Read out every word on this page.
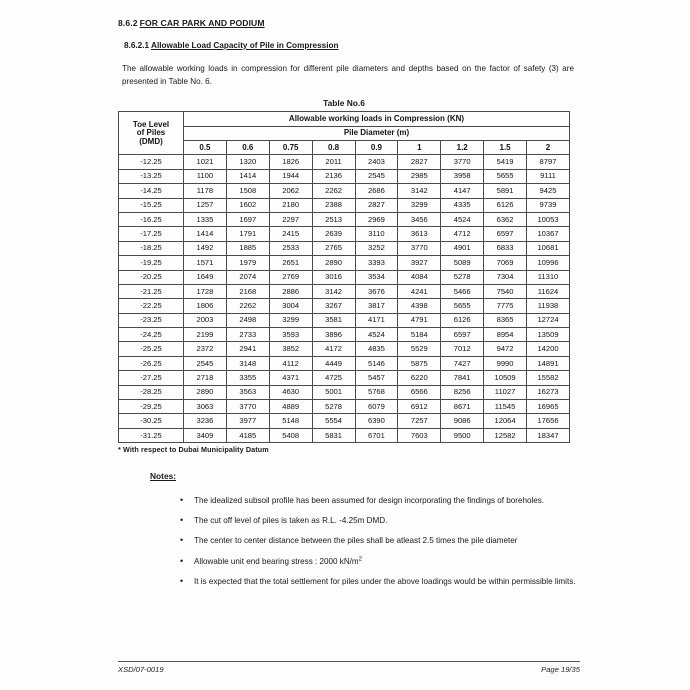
8.6.2 FOR CAR PARK AND PODIUM
8.6.2.1 Allowable Load Capacity of Pile in Compression

The allowable working loads in compression for different pile diameters and depths based on the factor of safety (3) are presented in Table No. 6.

Table No.6
Toe Level
of Piles
(DMD)	Allowable working loads in Compression (KN)								
	Pile Diameter (m)								
	0.5	0.6	0.75	0.8	0.9	1	1.2	1.5	2
-12.25	1021	1320	1826	2011	2403	2827	3770	5419	8797
-13.25	1100	1414	1944	2136	2545	2985	3958	5655	9111
-14.25	1178	1508	2062	2262	2686	3142	4147	5891	9425
-15.25	1257	1602	2180	2388	2827	3299	4335	6126	9739
-16.25	1335	1697	2297	2513	2969	3456	4524	6362	10053
-17.25	1414	1791	2415	2639	3110	3613	4712	6597	10367
-18.25	1492	1885	2533	2765	3252	3770	4901	6833	10681
-19.25	1571	1979	2651	2890	3393	3927	5089	7069	10996
-20.25	1649	2074	2769	3016	3534	4084	5278	7304	11310
-21.25	1728	2168	2886	3142	3676	4241	5466	7540	11624
-22.25	1806	2262	3004	3267	3817	4398	5655	7775	11938
-23.25	2003	2498	3299	3581	4171	4791	6126	8365	12724
-24.25	2199	2733	3593	3896	4524	5184	6597	8954	13509
-25.25	2372	2941	3852	4172	4835	5529	7012	9472	14200
-26.25	2545	3148	4112	4449	5146	5875	7427	9990	14891
-27.25	2718	3355	4371	4725	5457	6220	7841	10509	15582
-28.25	2890	3563	4630	5001	5768	6566	8256	11027	16273
-29.25	3063	3770	4889	5278	6079	6912	8671	11545	16965
-30.25	3236	3977	5148	5554	6390	7257	9086	12064	17656
-31.25	3409	4185	5408	5831	6701	7603	9500	12582	18347
* With respect to Dubai Municipality Datum
Notes:
• The idealized subsoil profile has been assumed for design incorporating the findings of boreholes.
• The cut off level of piles is taken as R.L. -4.25m DMD.
• The center to center distance between the piles shall be atleast 2.5 times the pile diameter
• Allowable unit end bearing stress : 2000 $kN/m^2$
• It is expected that the total settlement for piles under the above loadings would be within permissible limits.
XSD/07-0019	Page 19/35
